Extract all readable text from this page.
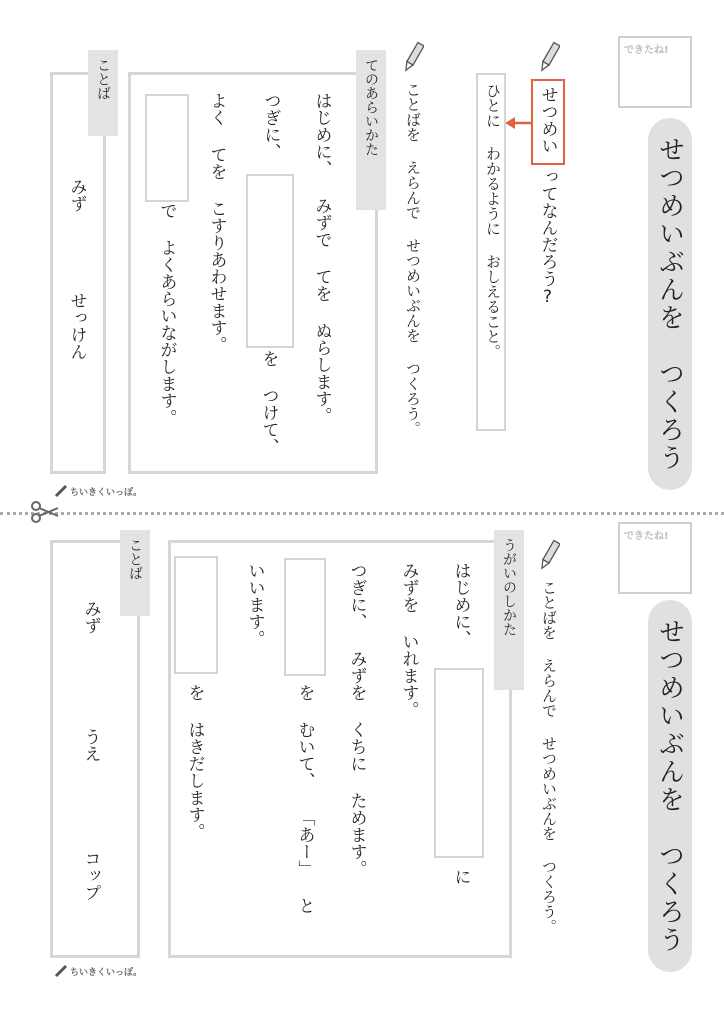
できたね!
せつめいぶんを　つくろう
せつめい
ってなんだろう?
ひとに わかるように おしえること。
ことばを えらんで せつめいぶんを つくろう。
てのあらいかた
はじめに、 みずで てを ぬらします。
つぎに、
を つけて、
よく てを こすりあわせます。
で よくあらいながします。
ことば
みず
せっけん
ちいきくいっぽ。
できたね!
せつめいぶんを　つくろう
ことばを えらんで せつめいぶんを つくろう。
うがいのしかた
はじめに、
に
みずを いれます。
つぎに、 みずを くちに ためます。
を むいて、 「あー」 と
いいます。
を はきだします。
ことば
みず
うえ
コップ
ちいきくいっぽ。
